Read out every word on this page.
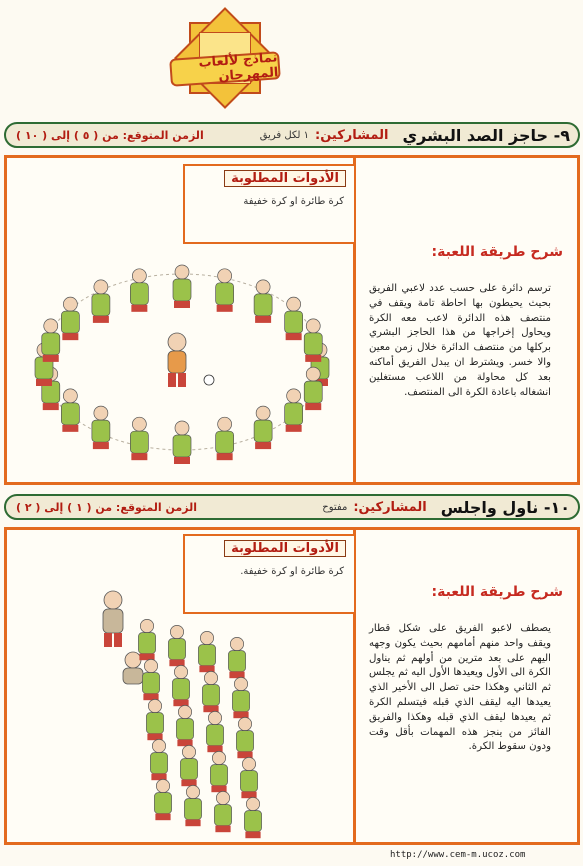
نماذج لألعاب المهرجان
٩- حاجز الصد البشري
المشاركين:
١ لكل فريق
الزمن المتوقع: من ( ٥ ) إلى ( ١٠ )
الأدوات المطلوبة
كرة طائرة او كرة خفيفة
شرح طريقة اللعبة:
ترسم دائرة على حسب عدد لاعبي الفريق بحيث يحيطون بها احاطة تامة ويقف في منتصف هذه الدائرة لاعب معه الكرة ويحاول إخراجها من هذا الحاجز البشري بركلها من منتصف الدائرة خلال زمن معين والا خسر. ويشترط ان يبدل الفريق أماكنه بعد كل محاولة من اللاعب مستغلين انشغاله باعادة الكرة الى المنتصف.
١٠- ناول واجلس
المشاركين:
مفتوح
الزمن المتوقع: من ( ١ ) إلى ( ٢ )
الأدوات المطلوبة
كرة طائرة او كرة خفيفة.
شرح طريقة اللعبة:
يصطف لاعبو الفريق على شكل قطار ويقف واحد منهم أمامهم بحيث يكون وجهه اليهم على بعد مترين من أولهم ثم يناول الكرة الى الأول ويعيدها الأول اليه ثم يجلس ثم الثاني وهكذا حتى تصل الى الأخير الذي يعيدها اليه ليقف الذي قبله فيتسلم الكرة ثم يعيدها ليقف الذي قبله وهكذا والفريق الفائز من ينجز هذه المهمات بأقل وقت ودون سقوط الكرة.
http://www.cem-m.ucoz.com
